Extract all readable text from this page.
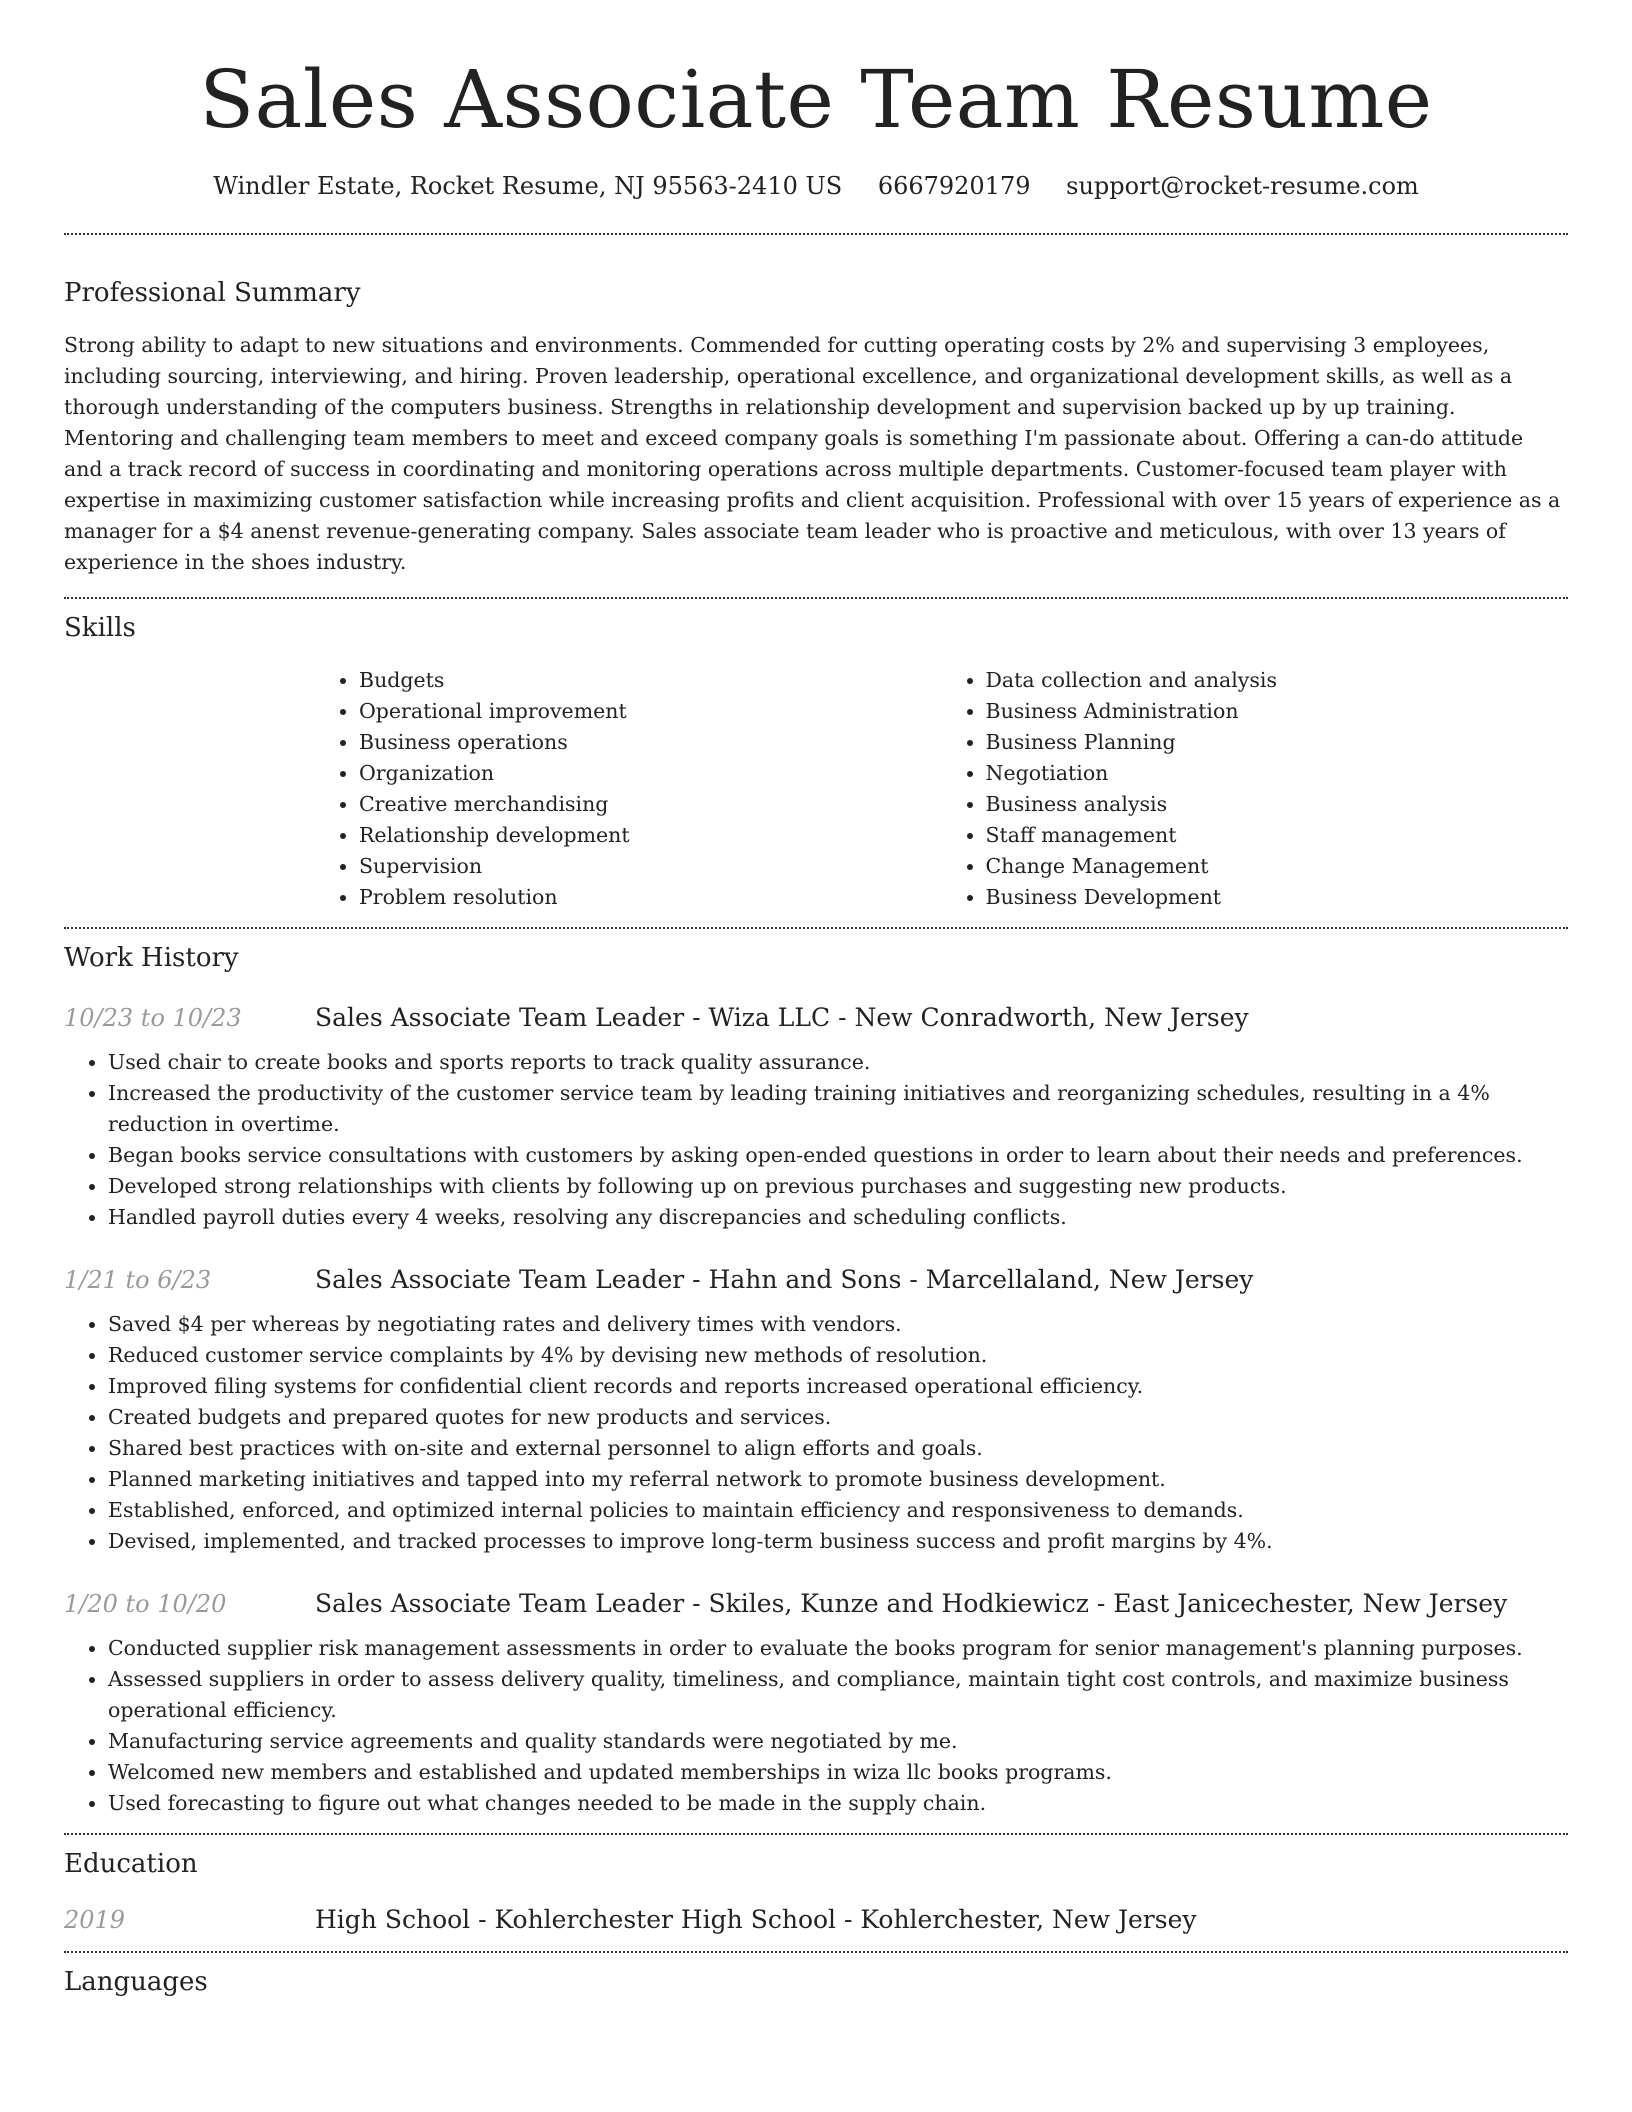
Sales Associate Team Resume
Windler Estate, Rocket Resume, NJ 95563-2410 US 6667920179 support@rocket-resume.com
Professional Summary

Strong ability to adapt to new situations and environments. Commended for cutting operating costs by 2% and supervising 3 employees, including sourcing, interviewing, and hiring. Proven leadership, operational excellence, and organizational development skills, as well as a thorough understanding of the computers business. Strengths in relationship development and supervision backed up by up training. Mentoring and challenging team members to meet and exceed company goals is something I'm passionate about. Offering a can-do attitude and a track record of success in coordinating and monitoring operations across multiple departments. Customer-focused team player with expertise in maximizing customer satisfaction while increasing profits and client acquisition. Professional with over 15 years of experience as a manager for a $4 anenst revenue-generating company. Sales associate team leader who is proactive and meticulous, with over 13 years of experience in the shoes industry.

Skills
• Budgets
• Operational improvement
• Business operations
• Organization
• Creative merchandising
• Relationship development
• Supervision
• Problem resolution
• Data collection and analysis
• Business Administration
• Business Planning
• Negotiation
• Business analysis
• Staff management
• Change Management
• Business Development
Work History
10/23 to 10/23	Sales Associate Team Leader - Wiza LLC - New Conradworth, New Jersey
• Used chair to create books and sports reports to track quality assurance.
• Increased the productivity of the customer service team by leading training initiatives and reorganizing schedules, resulting in a 4% reduction in overtime.
• Began books service consultations with customers by asking open-ended questions in order to learn about their needs and preferences.
• Developed strong relationships with clients by following up on previous purchases and suggesting new products.
• Handled payroll duties every 4 weeks, resolving any discrepancies and scheduling conflicts.
1/21 to 6/23	Sales Associate Team Leader - Hahn and Sons - Marcellaland, New Jersey
• Saved $4 per whereas by negotiating rates and delivery times with vendors.
• Reduced customer service complaints by 4% by devising new methods of resolution.
• Improved filing systems for confidential client records and reports increased operational efficiency.
• Created budgets and prepared quotes for new products and services.
• Shared best practices with on-site and external personnel to align efforts and goals.
• Planned marketing initiatives and tapped into my referral network to promote business development.
• Established, enforced, and optimized internal policies to maintain efficiency and responsiveness to demands.
• Devised, implemented, and tracked processes to improve long-term business success and profit margins by 4%.
1/20 to 10/20	Sales Associate Team Leader - Skiles, Kunze and Hodkiewicz - East Janicechester, New Jersey
• Conducted supplier risk management assessments in order to evaluate the books program for senior management's planning purposes.
• Assessed suppliers in order to assess delivery quality, timeliness, and compliance, maintain tight cost controls, and maximize business operational efficiency.
• Manufacturing service agreements and quality standards were negotiated by me.
• Welcomed new members and established and updated memberships in wiza llc books programs.
• Used forecasting to figure out what changes needed to be made in the supply chain.
Education
2019	High School - Kohlerchester High School - Kohlerchester, New Jersey
Languages
